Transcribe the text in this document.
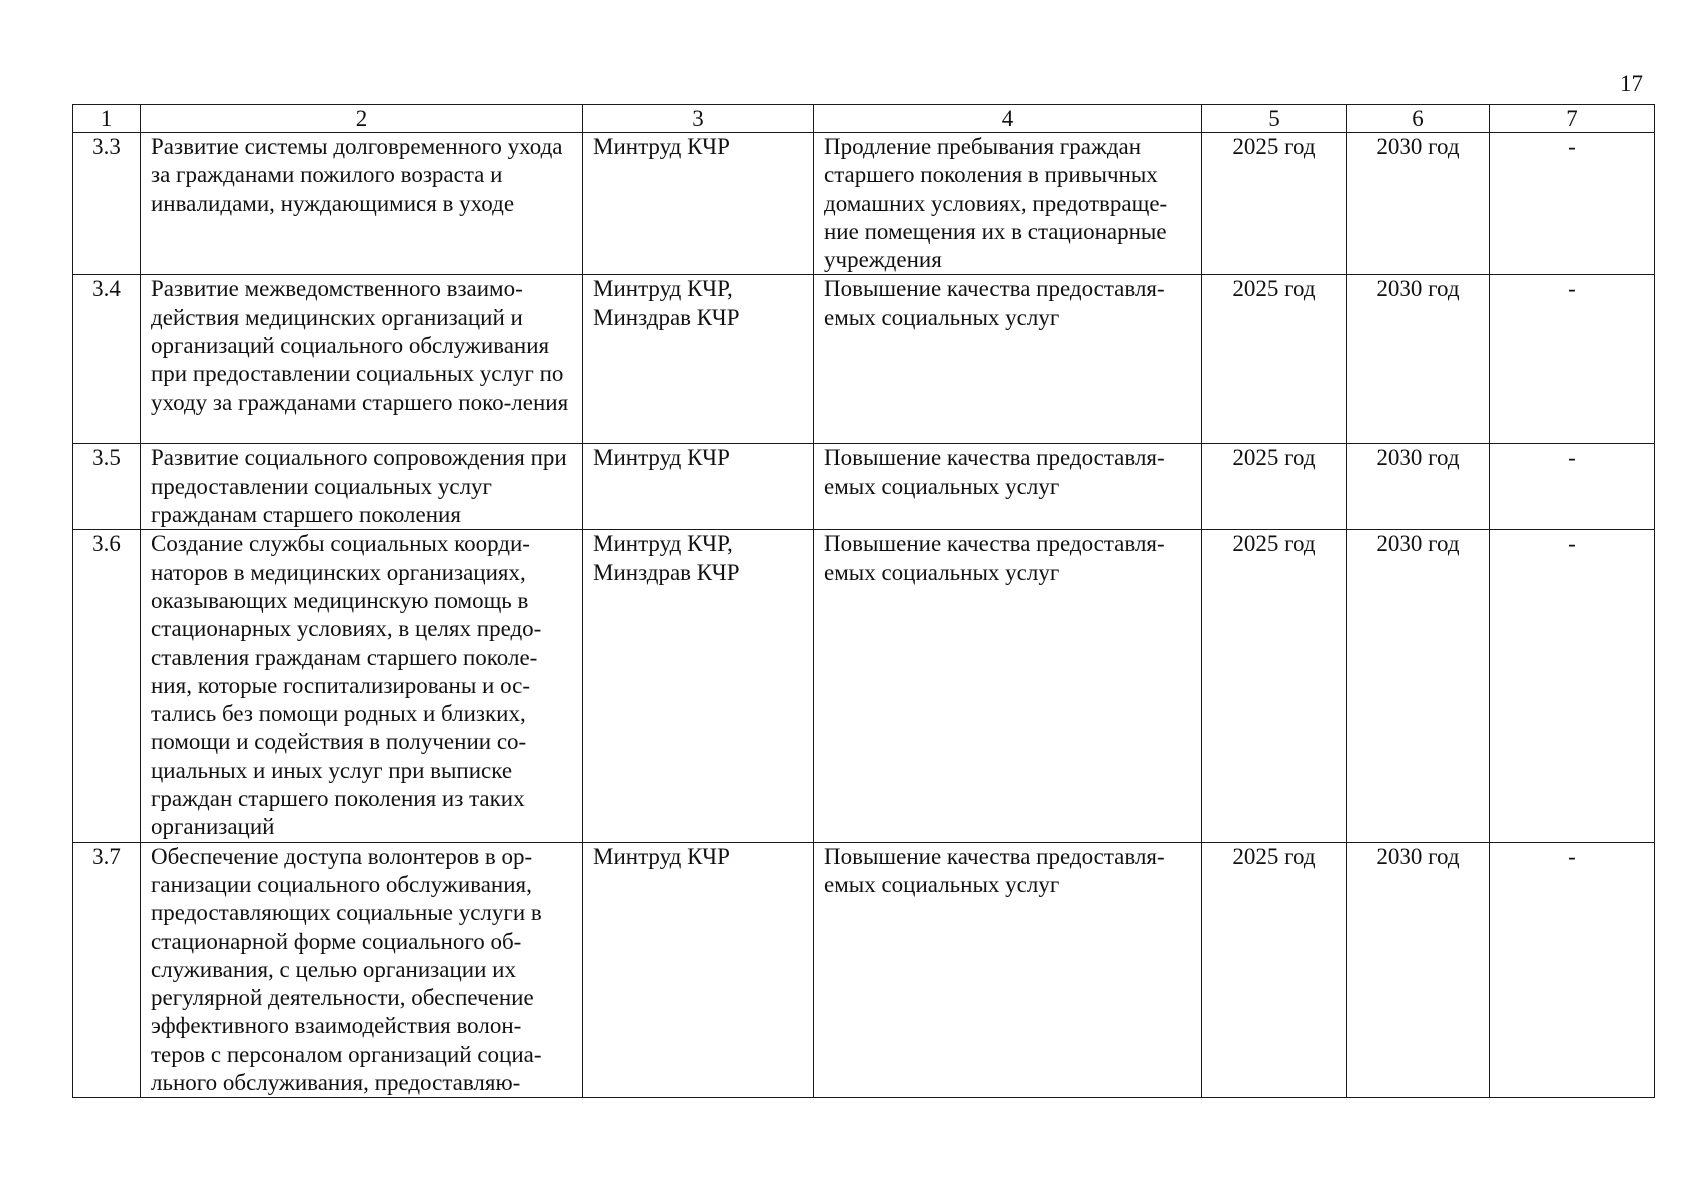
17
1	2	3	4	5	6	7
3.3	Развитие системы долговременного ухода за гражданами пожилого возраста и инвалидами, нуждающимися в уходе	Минтруд КЧР	Продление пребывания граждан старшего поколения в привычных домашних условиях, предотвраще-ние помещения их в стационарные учреждения	2025 год	2030 год	-
3.4	Развитие межведомственного взаимо-действия медицинских организаций и организаций социального обслуживания при предоставлении социальных услуг по уходу за гражданами старшего поко-ления	Минтруд КЧР, Минздрав КЧР	Повышение качества предоставля-емых социальных услуг	2025 год	2030 год	-
3.5	Развитие социального сопровождения при предоставлении социальных услуг гражданам старшего поколения	Минтруд КЧР	Повышение качества предоставля-емых социальных услуг	2025 год	2030 год	-
3.6	Создание службы социальных коорди-наторов в медицинских организациях, оказывающих медицинскую помощь в стационарных условиях, в целях предо-ставления гражданам старшего поколе-ния, которые госпитализированы и ос-тались без помощи родных и близких, помощи и содействия в получении со-циальных и иных услуг при выписке граждан старшего поколения из таких организаций	Минтруд КЧР, Минздрав КЧР	Повышение качества предоставля-емых социальных услуг	2025 год	2030 год	-
3.7	Обеспечение доступа волонтеров в ор-ганизации социального обслуживания, предоставляющих социальные услуги в стационарной форме социального об-служивания, с целью организации их регулярной деятельности, обеспечение эффективного взаимодействия волон-теров с персоналом организаций социа-льного обслуживания, предоставляю-	Минтруд КЧР	Повышение качества предоставля-емых социальных услуг	2025 год	2030 год	-
